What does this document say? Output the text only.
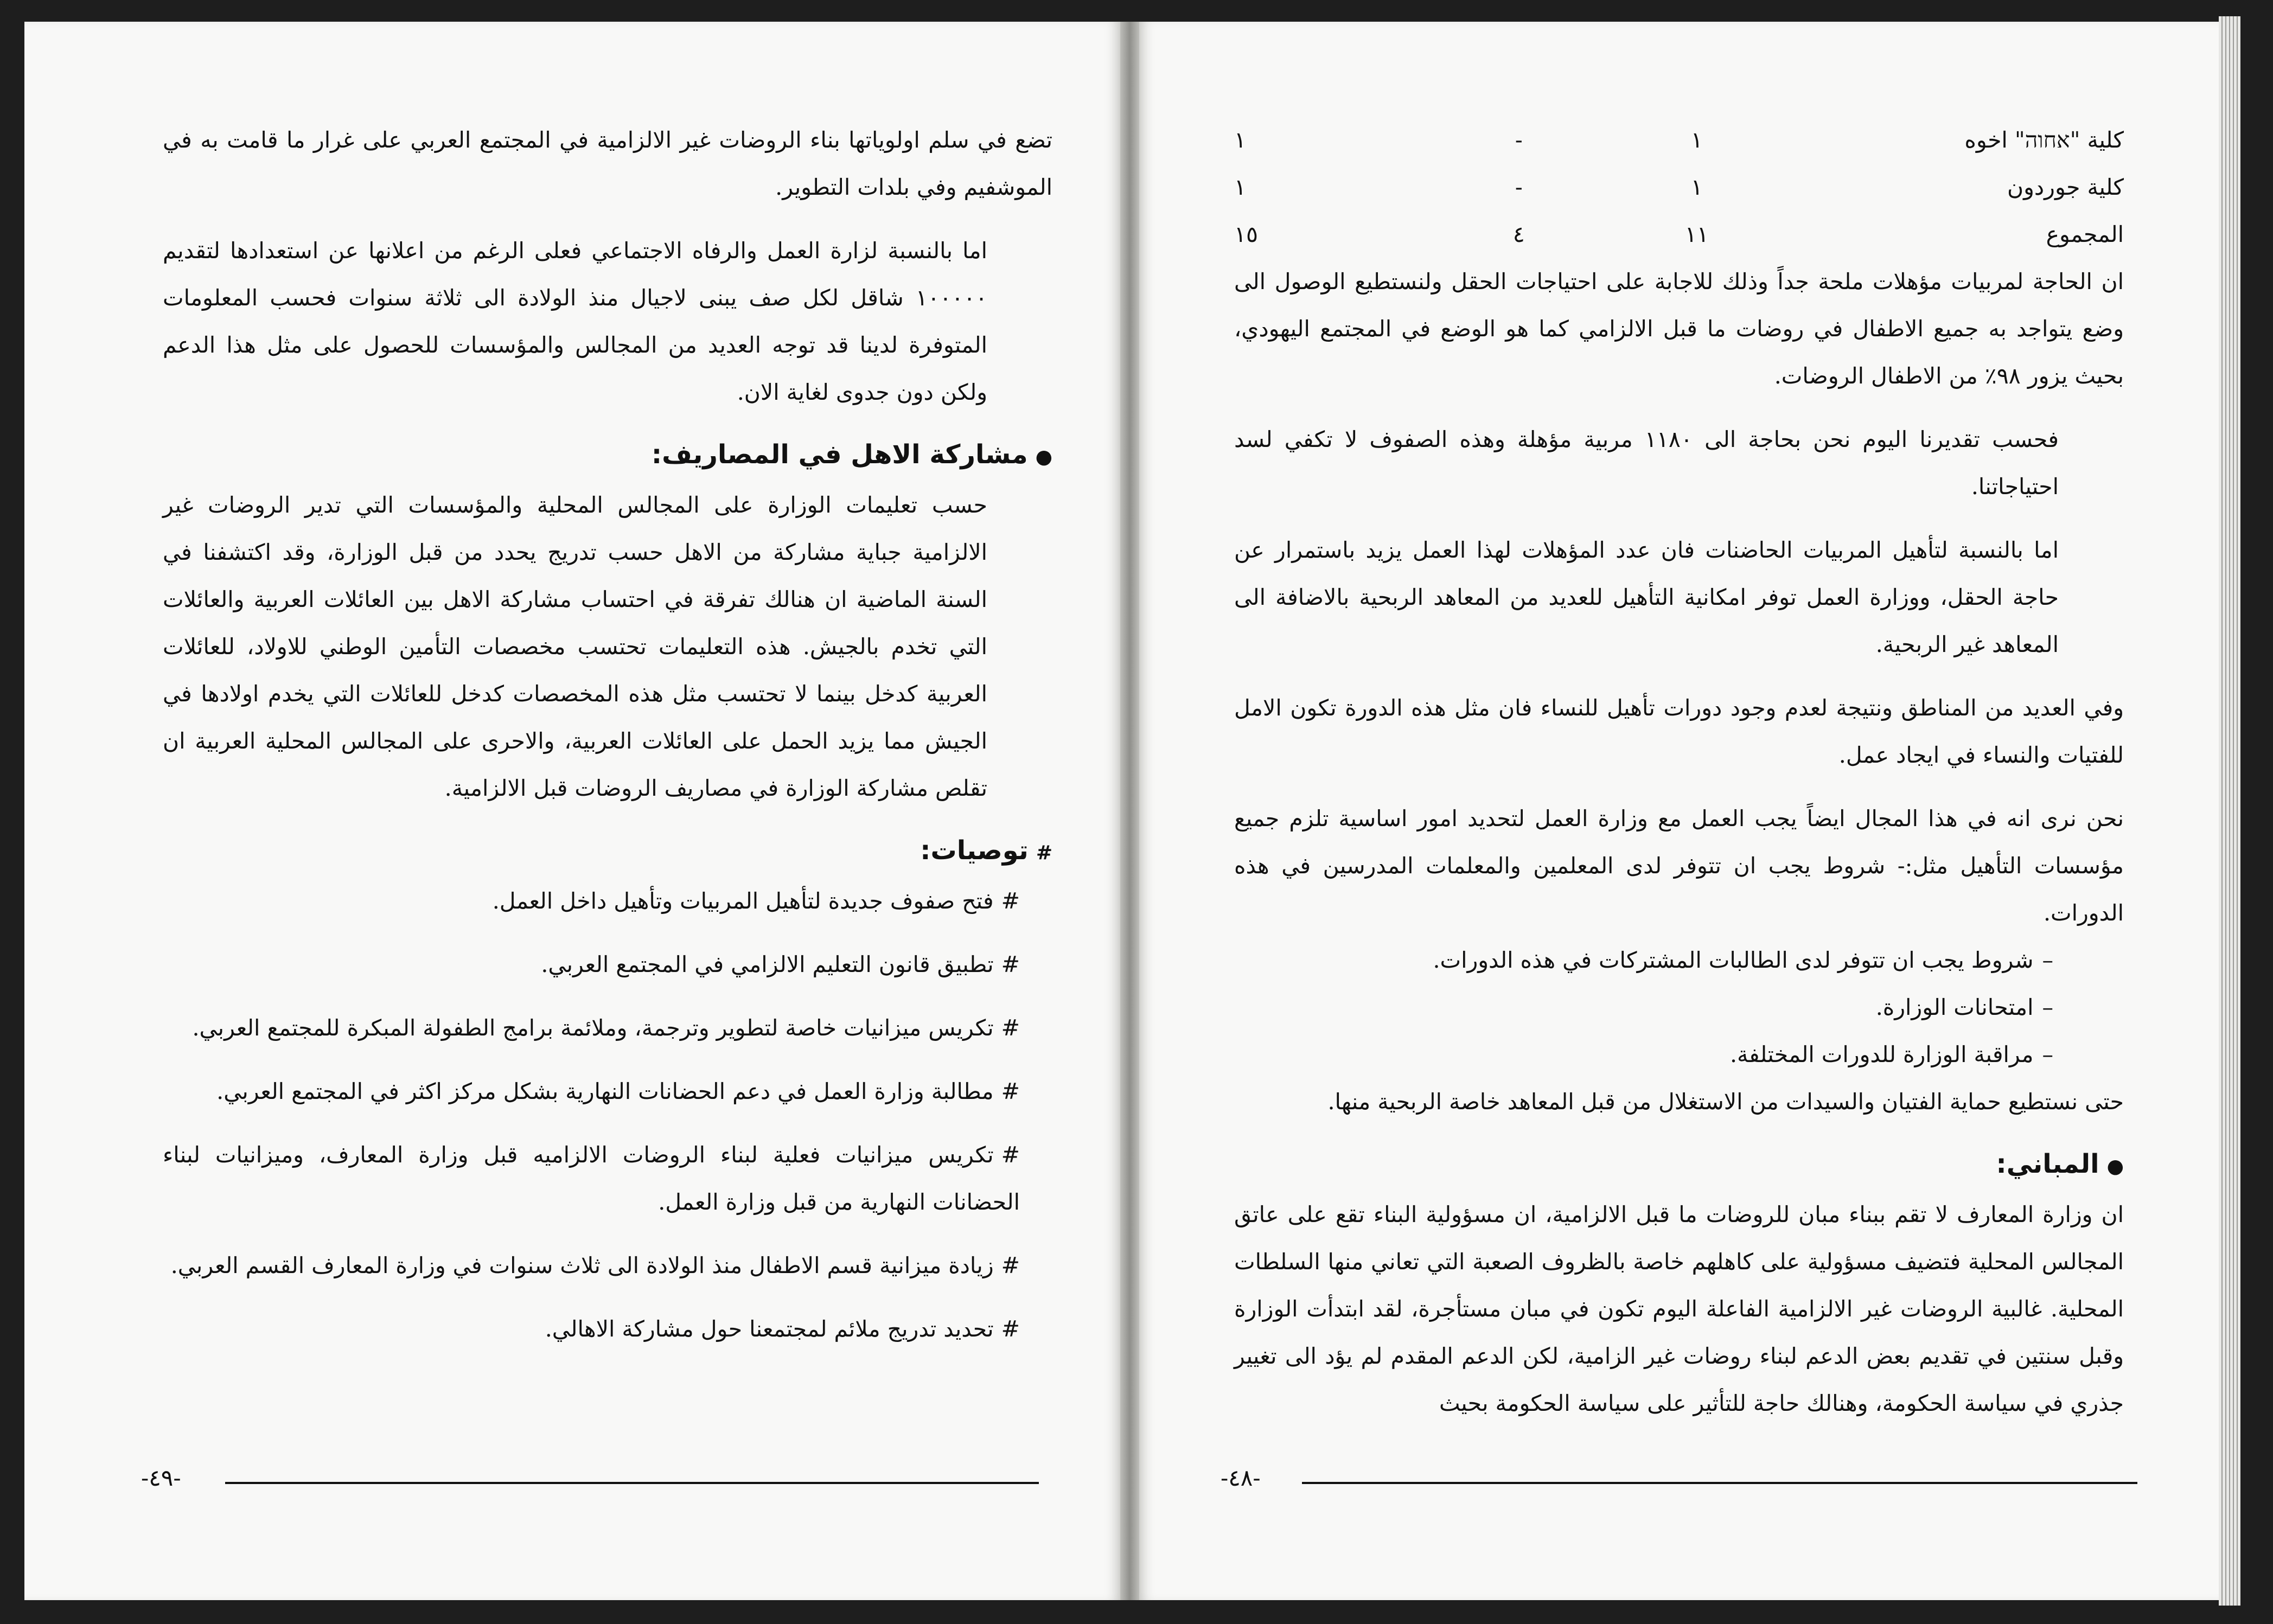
تضع في سلم اولوياتها بناء الروضات غير الالزامية في المجتمع العربي على غرار ما قامت به في الموشفيم وفي بلدات التطوير.

اما بالنسبة لزارة العمل والرفاه الاجتماعي فعلى الرغم من اعلانها عن استعدادها لتقديم ١٠٠٠٠٠ شاقل لكل صف يبنى لاجيال منذ الولادة الى ثلاثة سنوات فحسب المعلومات المتوفرة لدينا قد توجه العديد من المجالس والمؤسسات للحصول على مثل هذا الدعم ولكن دون جدوى لغاية الان.

●مشاركة الاهل في المصاريف:

حسب تعليمات الوزارة على المجالس المحلية والمؤسسات التي تدير الروضات غير الالزامية جباية مشاركة من الاهل حسب تدريج يحدد من قبل الوزارة، وقد اكتشفنا في السنة الماضية ان هنالك تفرقة في احتساب مشاركة الاهل بين العائلات العربية والعائلات التي تخدم بالجيش. هذه التعليمات تحتسب مخصصات التأمين الوطني للاولاد، للعائلات العربية كدخل بينما لا تحتسب مثل هذه المخصصات كدخل للعائلات التي يخدم اولادها في الجيش مما يزيد الحمل على العائلات العربية، والاحرى على المجالس المحلية العربية ان تقلص مشاركة الوزارة في مصاريف الروضات قبل الالزامية.

#توصيات:

#فتح صفوف جديدة لتأهيل المربيات وتأهيل داخل العمل.

#تطبيق قانون التعليم الالزامي في المجتمع العربي.

#تكريس ميزانيات خاصة لتطوير وترجمة، وملائمة برامج الطفولة المبكرة للمجتمع العربي.

#مطالبة وزارة العمل في دعم الحضانات النهارية بشكل مركز اكثر في المجتمع العربي.

#تكريس ميزانيات فعلية لبناء الروضات الالزاميه قبل وزارة المعارف، وميزانيات لبناء الحضانات النهارية من قبل وزارة العمل.

#زيادة ميزانية قسم الاطفال منذ الولادة الى ثلاث سنوات في وزارة المعارف القسم العربي.

#تحديد تدريج ملائم لمجتمعنا حول مشاركة الاهالي.

-٤٩-
كلية "אחוה" اخوه	١	-	١
كلية جوردون	١	-	١
المجموع	١١	٤	١٥

ان الحاجة لمربيات مؤهلات ملحة جداً وذلك للاجابة على احتياجات الحقل ولنستطيع الوصول الى وضع يتواجد به جميع الاطفال في روضات ما قبل الالزامي كما هو الوضع في المجتمع اليهودي، بحيث يزور ٩٨٪ من الاطفال الروضات.

فحسب تقديرنا اليوم نحن بحاجة الى ١١٨٠ مربية مؤهلة وهذه الصفوف لا تكفي لسد احتياجاتنا.

اما بالنسبة لتأهيل المربيات الحاضنات فان عدد المؤهلات لهذا العمل يزيد باستمرار عن حاجة الحقل، ووزارة العمل توفر امكانية التأهيل للعديد من المعاهد الربحية بالاضافة الى المعاهد غير الربحية.

وفي العديد من المناطق ونتيجة لعدم وجود دورات تأهيل للنساء فان مثل هذه الدورة تكون الامل للفتيات والنساء في ايجاد عمل.

نحن نرى انه في هذا المجال ايضاً يجب العمل مع وزارة العمل لتحديد امور اساسية تلزم جميع مؤسسات التأهيل مثل:- شروط يجب ان تتوفر لدى المعلمين والمعلمات المدرسين في هذه الدورات.

–شروط يجب ان تتوفر لدى الطالبات المشتركات في هذه الدورات.

–امتحانات الوزارة.

–مراقبة الوزارة للدورات المختلفة.

حتى نستطيع حماية الفتيان والسيدات من الاستغلال من قبل المعاهد خاصة الربحية منها.

●المباني:

ان وزارة المعارف لا تقم ببناء مبان للروضات ما قبل الالزامية، ان مسؤولية البناء تقع على عاتق المجالس المحلية فتضيف مسؤولية على كاهلهم خاصة بالظروف الصعبة التي تعاني منها السلطات المحلية. غالبية الروضات غير الالزامية الفاعلة اليوم تكون في مبان مستأجرة، لقد ابتدأت الوزارة وقبل سنتين في تقديم بعض الدعم لبناء روضات غير الزامية، لكن الدعم المقدم لم يؤد الى تغيير جذري في سياسة الحكومة، وهنالك حاجة للتأثير على سياسة الحكومة بحيث

-٤٨-
